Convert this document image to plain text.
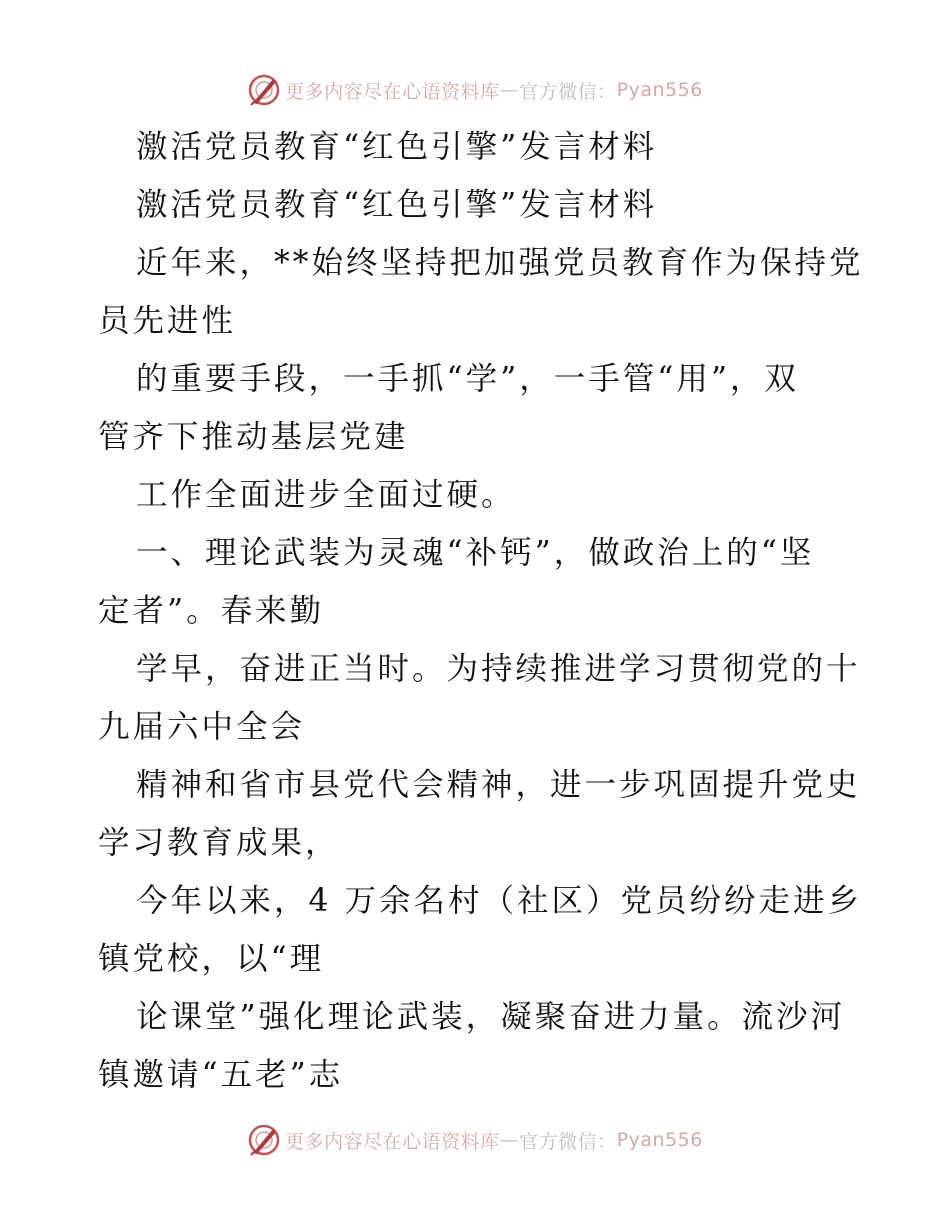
更多内容尽在心语资料库 — 官方微信： Pyan556
激活党员教育“红色引擎”发言材料
激活党员教育“红色引擎”发言材料
近年来，**始终坚持把加强党员教育作为保持党
员先进性
的重要手段，一手抓“学”，一手管“用”，双
管齐下推动基层党建
工作全面进步全面过硬。
一、理论武装为灵魂“补钙”，做政治上的“坚
定者”。春来勤
学早，奋进正当时。为持续推进学习贯彻党的十
九届六中全会
精神和省市县党代会精神，进一步巩固提升党史
学习教育成果，
今年以来，4 万余名村（社区）党员纷纷走进乡
镇党校，以“理
论课堂”强化理论武装，凝聚奋进力量。流沙河
镇邀请“五老”志
更多内容尽在心语资料库 — 官方微信： Pyan556
